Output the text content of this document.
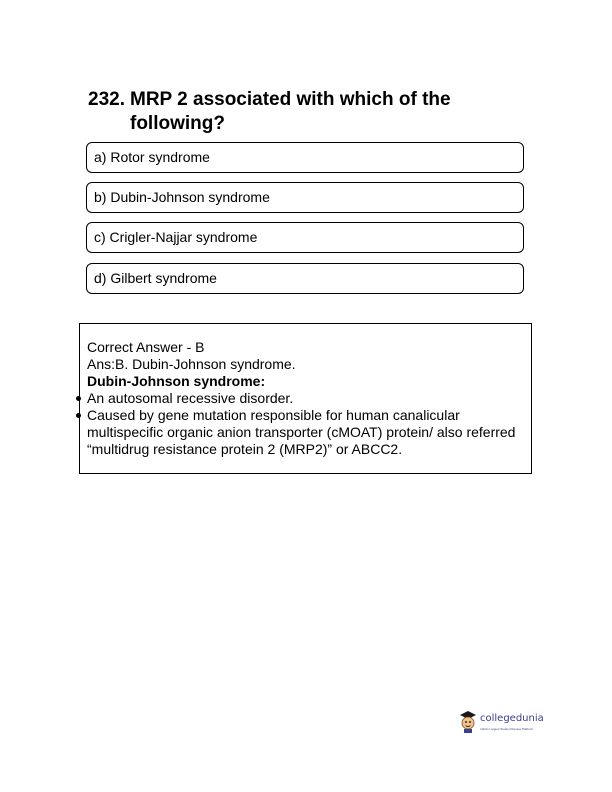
232. MRP 2 associated with which of the following?
a) Rotor syndrome
b) Dubin-Johnson syndrome
c) Crigler-Najjar syndrome
d) Gilbert syndrome
Correct Answer - B
Ans:B. Dubin-Johnson syndrome.
Dubin-Johnson syndrome:
An autosomal recessive disorder.
Caused by gene mutation responsible for human canalicular multispecific organic anion transporter (cMOAT) protein/ also referred “multidrug resistance protein 2 (MRP2)” or ABCC2.
collegedunia
India's Largest Student Review Platform
